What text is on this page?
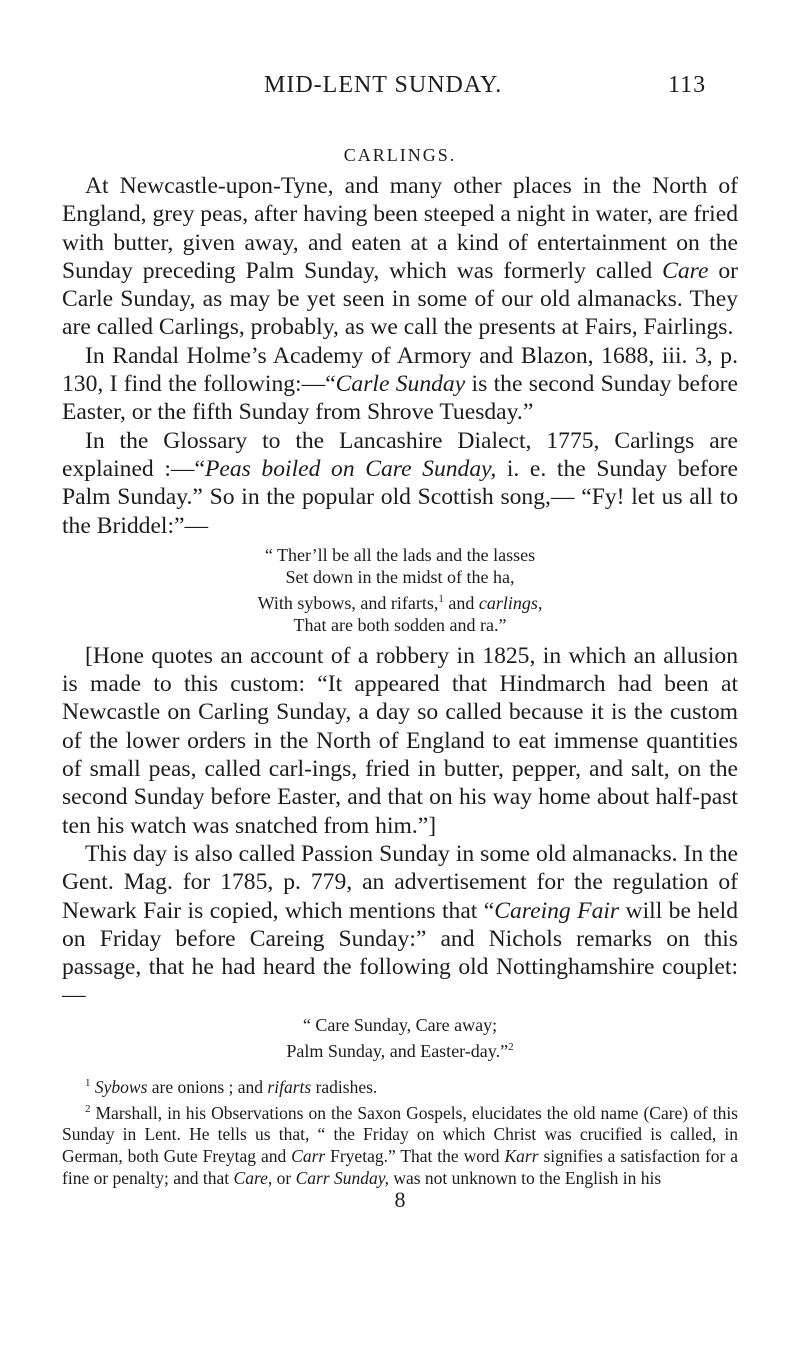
MID-LENT SUNDAY.	113
CARLINGS.

At Newcastle-upon-Tyne, and many other places in the North of England, grey peas, after having been steeped a night in water, are fried with butter, given away, and eaten at a kind of entertainment on the Sunday preceding Palm Sunday, which was formerly called Care or Carle Sunday, as may be yet seen in some of our old almanacks. They are called Carlings, probably, as we call the presents at Fairs, Fairlings.

In Randal Holme’s Academy of Armory and Blazon, 1688, iii. 3, p. 130, I find the following:—“Carle Sunday is the second Sunday before Easter, or the fifth Sunday from Shrove Tuesday.”

In the Glossary to the Lancashire Dialect, 1775, Carlings are explained :—“Peas boiled on Care Sunday, i. e. the Sunday before Palm Sunday.” So in the popular old Scottish song,— “Fy! let us all to the Briddel:”—

“ Ther’ll be all the lads and the lasses
Set down in the midst of the ha,
With sybows, and rifarts,$^1$ and carlings,
That are both sodden and ra.”

[Hone quotes an account of a robbery in 1825, in which an allusion is made to this custom: “It appeared that Hindmarch had been at Newcastle on Carling Sunday, a day so called because it is the custom of the lower orders in the North of England to eat immense quantities of small peas, called carl-ings, fried in butter, pepper, and salt, on the second Sunday before Easter, and that on his way home about half-past ten his watch was snatched from him.”]

This day is also called Passion Sunday in some old almanacks. In the Gent. Mag. for 1785, p. 779, an advertisement for the regulation of Newark Fair is copied, which mentions that “Careing Fair will be held on Friday before Careing Sunday:” and Nichols remarks on this passage, that he had heard the following old Nottinghamshire couplet:—

“ Care Sunday, Care away;
Palm Sunday, and Easter-day.”$^2$

$^1$ Sybows are onions ; and rifarts radishes.

$^2$ Marshall, in his Observations on the Saxon Gospels, elucidates the old name (Care) of this Sunday in Lent. He tells us that, “ the Friday on which Christ was crucified is called, in German, both Gute Freytag and Carr Fryetag.” That the word Karr signifies a satisfaction for a fine or penalty; and that Care, or Carr Sunday, was not unknown to the English in his

8
